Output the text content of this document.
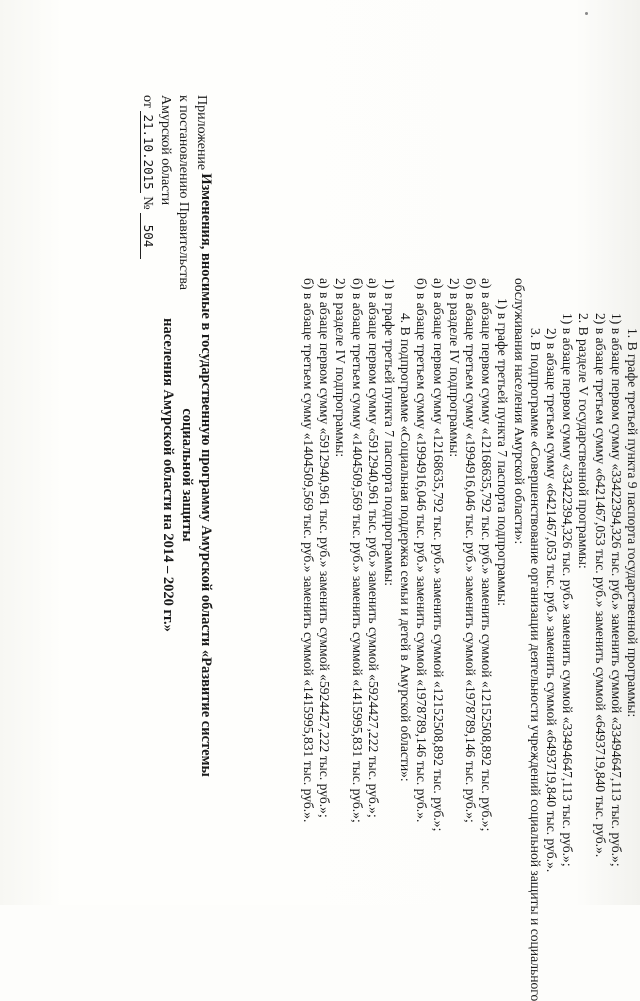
Приложение
к постановлению Правительства
Амурской области
от 21.10.2015 № 504	Изменения, вносимые в государственную программу Амурской области «Развитие системы социальной защиты
населения Амурской области на 2014 – 2020 гг.»	1. В графе третьей пункта 9 паспорта государственной программы:
1) в абзаце первом сумму «33422394,326 тыс. руб.» заменить суммой «33494647,113 тыс. руб.»;
2) в абзаце третьем сумму «6421467,053 тыс. руб.» заменить суммой «6493719,840 тыс. руб.».
2. В разделе V государственной программы:
1) в абзаце первом сумму «33422394,326 тыс. руб.» заменить суммой «33494647,113 тыс. руб.»;
2) в абзаце третьем сумму «6421467,053 тыс. руб.» заменить суммой «6493719,840 тыс. руб.».
3. В подпрограмме «Совершенствование организации деятельности учреждений социальной защиты и социального
обслуживания населения Амурской области»:
1) в графе третьей пункта 7 паспорта подпрограммы:
а) в абзаце первом сумму «12168635,792 тыс. руб.» заменить суммой «12152508,892 тыс. руб.»;
б) в абзаце третьем сумму «1994916,046 тыс. руб.» заменить суммой «1978789,146 тыс. руб.»;
2) в разделе IV подпрограммы:
а) в абзаце первом сумму «12168635,792 тыс. руб.» заменить суммой «12152508,892 тыс. руб.»;
б) в абзаце третьем сумму «1994916,046 тыс. руб.» заменить суммой «1978789,146 тыс. руб.».
4. В подпрограмме «Социальная поддержка семьи и детей в Амурской области»:
1) в графе третьей пункта 7 паспорта подпрограммы:
а) в абзаце первом сумму «5912940,961 тыс. руб.» заменить суммой «5924427,222 тыс. руб.»;
б) в абзаце третьем сумму «1404509,569 тыс. руб.» заменить суммой «1415995,831 тыс. руб.»;
2) в разделе IV подпрограммы:
а) в абзаце первом сумму «5912940,961 тыс. руб.» заменить суммой «5924427,222 тыс. руб.»;
б) в абзаце третьем сумму «1404509,569 тыс. руб.» заменить суммой «1415995,831 тыс. руб.».
